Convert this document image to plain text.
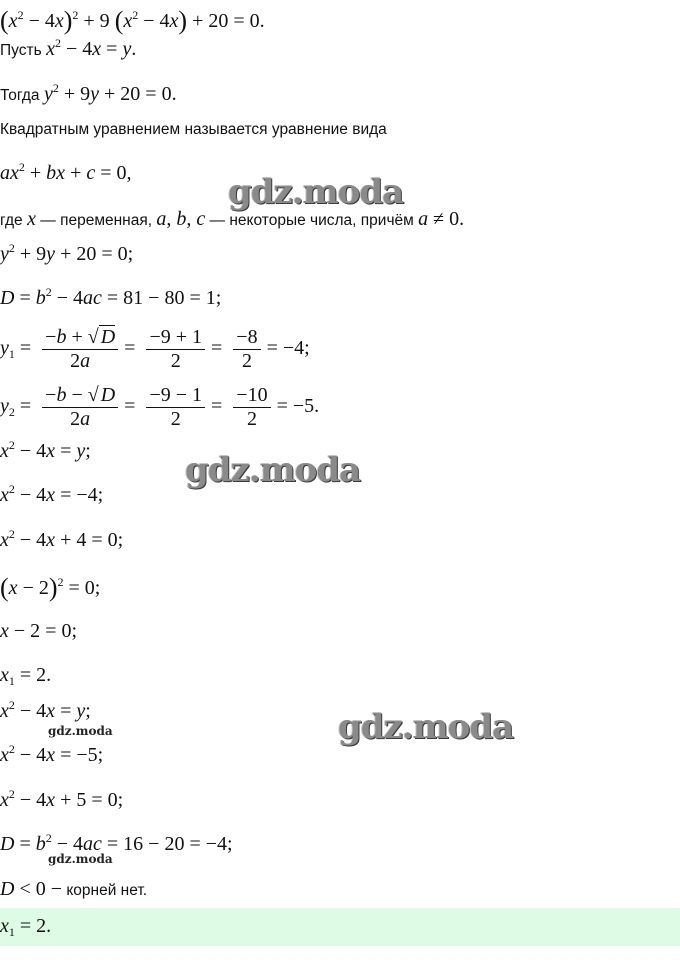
$(x^2 - 4x)^2 + 9$ $(x^2 - 4x) + 20 = 0$.
Пусть $x^2 - 4x = y$.
Тогда $y^2 + 9y + 20 = 0$.
Квадратным уравнением называется уравнение вида
$ax^2$ + bx + c = 0,
где x — переменная, a, b, c — некоторые числа, причём a ≠ 0.
$y^2 + 9y + 20 = 0$;
$D = b^2 - 4ac = 81 - 80 = 1$;
$y_1 = \frac{-b + √ D}{2a} = \frac{-9 + 1}{2} = \frac{-8}{2} = -4$;
$y_2 = \frac{-b - √ D}{2a} = \frac{-9 - 1}{2} = \frac{-10}{2} = -5$.
$x^2 - 4x = y$;	gdz.moda
$x^2 - 4x = -4$;
$x^2 - 4x + 4 = 0$;
$(x - 2)^2 = 0$;
x − 2 = 0;
$x_1 = 2$.
$x^2 - 4x = y$;
gdz.moda	gdz.moda
$x^2 - 4x = -5$;
$x^2 - 4x + 5 = 0$;
$D = b^2 - 4ac = 16 - 20 = -4$;
gdz.moda
D < 0 − корней нет.
$x_1 = 2$.
gdz.moda
